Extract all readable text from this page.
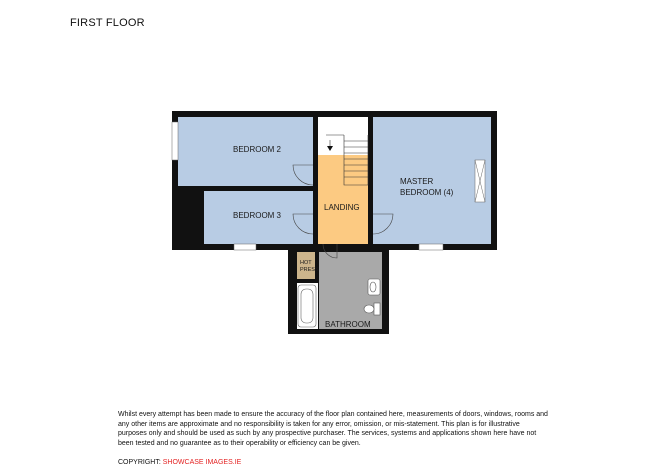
FIRST FLOOR
BEDROOM 2
BEDROOM 3
LANDING
MASTER
BEDROOM (4)
BATHROOM
HOT
PRESS

Whilst every attempt has been made to ensure the accuracy of the floor plan contained here, measurements of doors, windows, rooms and any other items are approximate and no responsibility is taken for any error, omission, or mis-statement. This plan is for illustrative purposes only and should be used as such by any prospective purchaser. The services, systems and applications shown here have not been tested and no guarantee as to their operability or efficiency can be given.

COPYRIGHT: SHOWCASE IMAGES.IE
